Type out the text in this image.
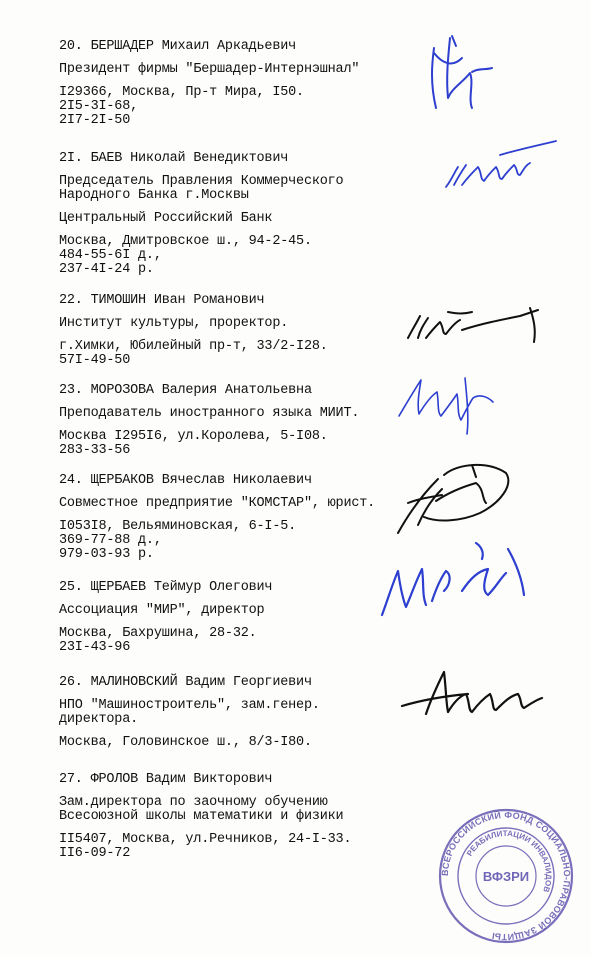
20. БЕРШАДЕР Михаил Аркадьевич
Президент фирмы "Бершадер-Интернэшнал"
I29366, Москва, Пр-т Мира, I50.
2I5-3I-68,
2I7-2I-50
2I. БАЕВ Николай Венедиктович
Председатель Правления Коммерческого
Народного Банка г.Москвы
Центральный Российский Банк
Москва, Дмитровское ш., 94-2-45.
484-55-6I д.,
237-4I-24 р.
22. ТИМОШИН Иван Романович
Институт культуры, проректор.
г.Химки, Юбилейный пр-т, 33/2-I28.
57I-49-50
23. МОРОЗОВА Валерия Анатольевна
Преподаватель иностранного языка МИИТ.
Москва I295I6, ул.Королева, 5-I08.
283-33-56
24. ЩЕРБАКОВ Вячеслав Николаевич
Совместное предприятие "КОМСТАР", юрист.
I053I8, Вельяминовская, 6-I-5.
369-77-88 д.,
979-03-93 р.
25. ЩЕРБАЕВ Теймур Олегович
Ассоциация "МИР", директор
Москва, Бахрушина, 28-32.
23I-43-96
26. МАЛИНОВСКИЙ Вадим Георгиевич
НПО "Машиностроитель", зам.генер.
директора.
Москва, Головинское ш., 8/3-I80.
27. ФРОЛОВ Вадим Викторович
Зам.директора по заочному обучению
Всесоюзной школы математики и физики
II5407, Москва, ул.Речников, 24-I-33.
II6-09-72
ВСЕРОССИЙСКИЙ ФОНД СОЦИАЛЬНО-ПРАВОВОЙ ЗАЩИТЫ
РЕАБИЛИТАЦИИ ИНВАЛИДОВ
ВФЗРИ
